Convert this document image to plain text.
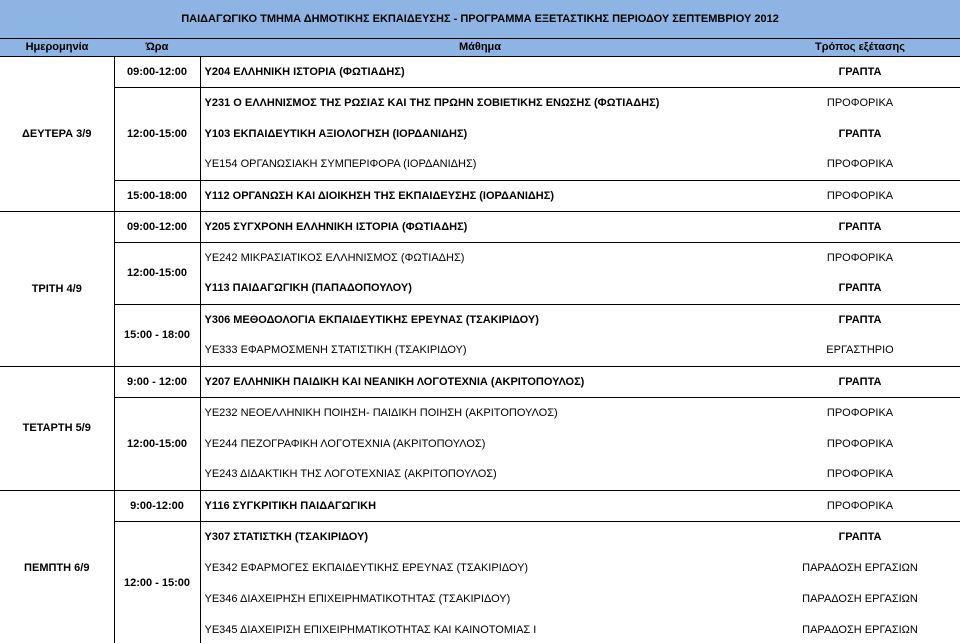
ΠΑΙΔΑΓΩΓΙΚΟ ΤΜΗΜΑ ΔΗΜΟΤΙΚΗΣ ΕΚΠΑΙΔΕΥΣΗΣ - ΠΡΟΓΡΑΜΜΑ ΕΞΕΤΑΣΤΙΚΗΣ ΠΕΡΙΟΔΟΥ ΣΕΠΤΕΜΒΡΙΟΥ 2012			
Ημερομηνία	Ώρα	Μάθημα	Τρόπος εξέτασης
ΔΕΥΤΕΡΑ 3/9	09:00-12:00	Υ204 ΕΛΛΗΝΙΚΗ ΙΣΤΟΡΙΑ (ΦΩΤΙΑΔΗΣ)	ΓΡΑΠΤΑ
	12:00-15:00	Υ231 Ο ΕΛΛΗΝΙΣΜΟΣ ΤΗΣ ΡΩΣΙΑΣ ΚΑΙ ΤΗΣ ΠΡΩΗΝ ΣΟΒΙΕΤΙΚΗΣ ΕΝΩΣΗΣ (ΦΩΤΙΑΔΗΣ)	ΠΡΟΦΟΡΙΚΑ
		Υ103 ΕΚΠΑΙΔΕΥΤΙΚΗ ΑΞΙΟΛΟΓΗΣΗ (ΙΟΡΔΑΝΙΔΗΣ)	ΓΡΑΠΤΑ
		ΥΕ154 ΟΡΓΑΝΩΣΙΑΚΗ ΣΥΜΠΕΡΙΦΟΡΑ (ΙΟΡΔΑΝΙΔΗΣ)	ΠΡΟΦΟΡΙΚΑ
	15:00-18:00	Υ112 ΟΡΓΑΝΩΣΗ ΚΑΙ ΔΙΟΙΚΗΣΗ ΤΗΣ ΕΚΠΑΙΔΕΥΣΗΣ (ΙΟΡΔΑΝΙΔΗΣ)	ΠΡΟΦΟΡΙΚΑ
ΤΡΙΤΗ 4/9	09:00-12:00	Υ205 ΣΥΓΧΡΟΝΗ ΕΛΛΗΝΙΚΗ ΙΣΤΟΡΙΑ (ΦΩΤΙΑΔΗΣ)	ΓΡΑΠΤΑ
	12:00-15:00	ΥΕ242 ΜΙΚΡΑΣΙΑΤΙΚΟΣ ΕΛΛΗΝΙΣΜΟΣ (ΦΩΤΙΑΔΗΣ)	ΠΡΟΦΟΡΙΚΑ
		Υ113 ΠΑΙΔΑΓΩΓΙΚΗ (ΠΑΠΑΔΟΠΟΥΛΟΥ)	ΓΡΑΠΤΑ
	15:00 - 18:00	Υ306 ΜΕΘΟΔΟΛΟΓΙΑ ΕΚΠΑΙΔΕΥΤΙΚΗΣ ΕΡΕΥΝΑΣ (ΤΣΑΚΙΡΙΔΟΥ)	ΓΡΑΠΤΑ
		ΥΕ333 ΕΦΑΡΜΟΣΜΕΝΗ ΣΤΑΤΙΣΤΙΚΗ (ΤΣΑΚΙΡΙΔΟΥ)	ΕΡΓΑΣΤΗΡΙΟ
ΤΕΤΑΡΤΗ 5/9	9:00 - 12:00	Υ207 ΕΛΛΗΝΙΚΗ ΠΑΙΔΙΚΗ ΚΑΙ ΝΕΑΝΙΚΗ ΛΟΓΟΤΕΧΝΙΑ (ΑΚΡΙΤΟΠΟΥΛΟΣ)	ΓΡΑΠΤΑ
	12:00-15:00	ΥΕ232 ΝΕΟΕΛΛΗΝΙΚΗ ΠΟΙΗΣΗ- ΠΑΙΔΙΚΗ ΠΟΙΗΣΗ (ΑΚΡΙΤΟΠΟΥΛΟΣ)	ΠΡΟΦΟΡΙΚΑ
		ΥΕ244 ΠΕΖΟΓΡΑΦΙΚΗ ΛΟΓΟΤΕΧΝΙΑ (ΑΚΡΙΤΟΠΟΥΛΟΣ)	ΠΡΟΦΟΡΙΚΑ
		ΥΕ243 ΔΙΔΑΚΤΙΚΗ ΤΗΣ ΛΟΓΟΤΕΧΝΙΑΣ (ΑΚΡΙΤΟΠΟΥΛΟΣ)	ΠΡΟΦΟΡΙΚΑ
ΠΕΜΠΤΗ 6/9	9:00-12:00	Υ116 ΣΥΓΚΡΙΤΙΚΗ ΠΑΙΔΑΓΩΓΙΚΗ	ΠΡΟΦΟΡΙΚΑ
	12:00 - 15:00	Υ307 ΣΤΑΤΙΣΤΚΗ (ΤΣΑΚΙΡΙΔΟΥ)	ΓΡΑΠΤΑ
		ΥΕ342 ΕΦΑΡΜΟΓΕΣ ΕΚΠΑΙΔΕΥΤΙΚΗΣ ΕΡΕΥΝΑΣ (ΤΣΑΚΙΡΙΔΟΥ)	ΠΑΡΑΔΟΣΗ ΕΡΓΑΣΙΩΝ
		ΥΕ346 ΔΙΑΧΕΙΡΗΣΗ ΕΠΙΧΕΙΡΗΜΑΤΙΚΟΤΗΤΑΣ (ΤΣΑΚΙΡΙΔΟΥ)	ΠΑΡΑΔΟΣΗ ΕΡΓΑΣΙΩΝ
		ΥΕ345 ΔΙΑΧΕΙΡΙΣΗ ΕΠΙΧΕΙΡΗΜΑΤΙΚΟΤΗΤΑΣ ΚΑΙ ΚΑΙΝΟΤΟΜΙΑΣ Ι	ΠΑΡΑΔΟΣΗ ΕΡΓΑΣΙΩΝ
